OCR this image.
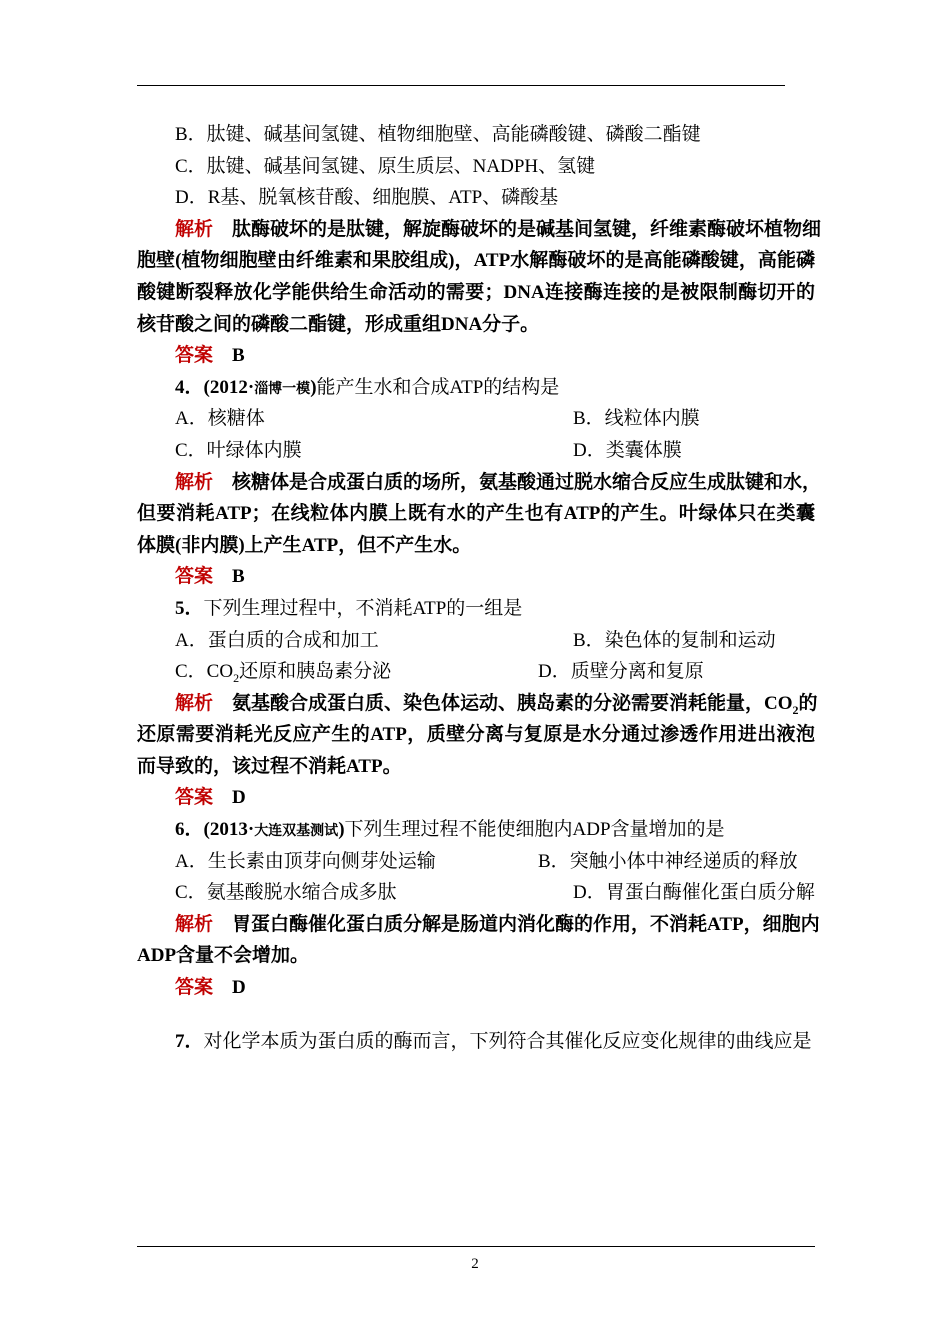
B．肽键、碱基间氢键、植物细胞壁、高能磷酸键、磷酸二酯键
C．肽键、碱基间氢键、原生质层、NADPH、氢键
D．R基、脱氧核苷酸、细胞膜、ATP、磷酸基
解析  肽酶破坏的是肽键，解旋酶破坏的是碱基间氢键，纤维素酶破坏植物细
胞壁(植物细胞壁由纤维素和果胶组成)，ATP水解酶破坏的是高能磷酸键，高能磷
酸键断裂释放化学能供给生命活动的需要；DNA连接酶连接的是被限制酶切开的
核苷酸之间的磷酸二酯键，形成重组DNA分子。
答案  B
4．(2012·淄博一模)能产生水和合成ATP的结构是
A．核糖体	B．线粒体内膜
C．叶绿体内膜	D．类囊体膜
解析  核糖体是合成蛋白质的场所，氨基酸通过脱水缩合反应生成肽键和水，
但要消耗ATP；在线粒体内膜上既有水的产生也有ATP的产生。叶绿体只在类囊
体膜(非内膜)上产生ATP，但不产生水。
答案  B
5．下列生理过程中，不消耗ATP的一组是
A．蛋白质的合成和加工	B．染色体的复制和运动
C．$CO_2$还原和胰岛素分泌	D．质壁分离和复原
解析  氨基酸合成蛋白质、染色体运动、胰岛素的分泌需要消耗能量，$CO_2$的
还原需要消耗光反应产生的ATP，质壁分离与复原是水分通过渗透作用进出液泡
而导致的，该过程不消耗ATP。
答案  D
6．(2013·大连双基测试)下列生理过程不能使细胞内ADP含量增加的是
A．生长素由顶芽向侧芽处运输	B．突触小体中神经递质的释放
C．氨基酸脱水缩合成多肽	D．胃蛋白酶催化蛋白质分解
解析  胃蛋白酶催化蛋白质分解是肠道内消化酶的作用，不消耗ATP，细胞内
ADP含量不会增加。
答案  D
7．对化学本质为蛋白质的酶而言，下列符合其催化反应变化规律的曲线应是
2
